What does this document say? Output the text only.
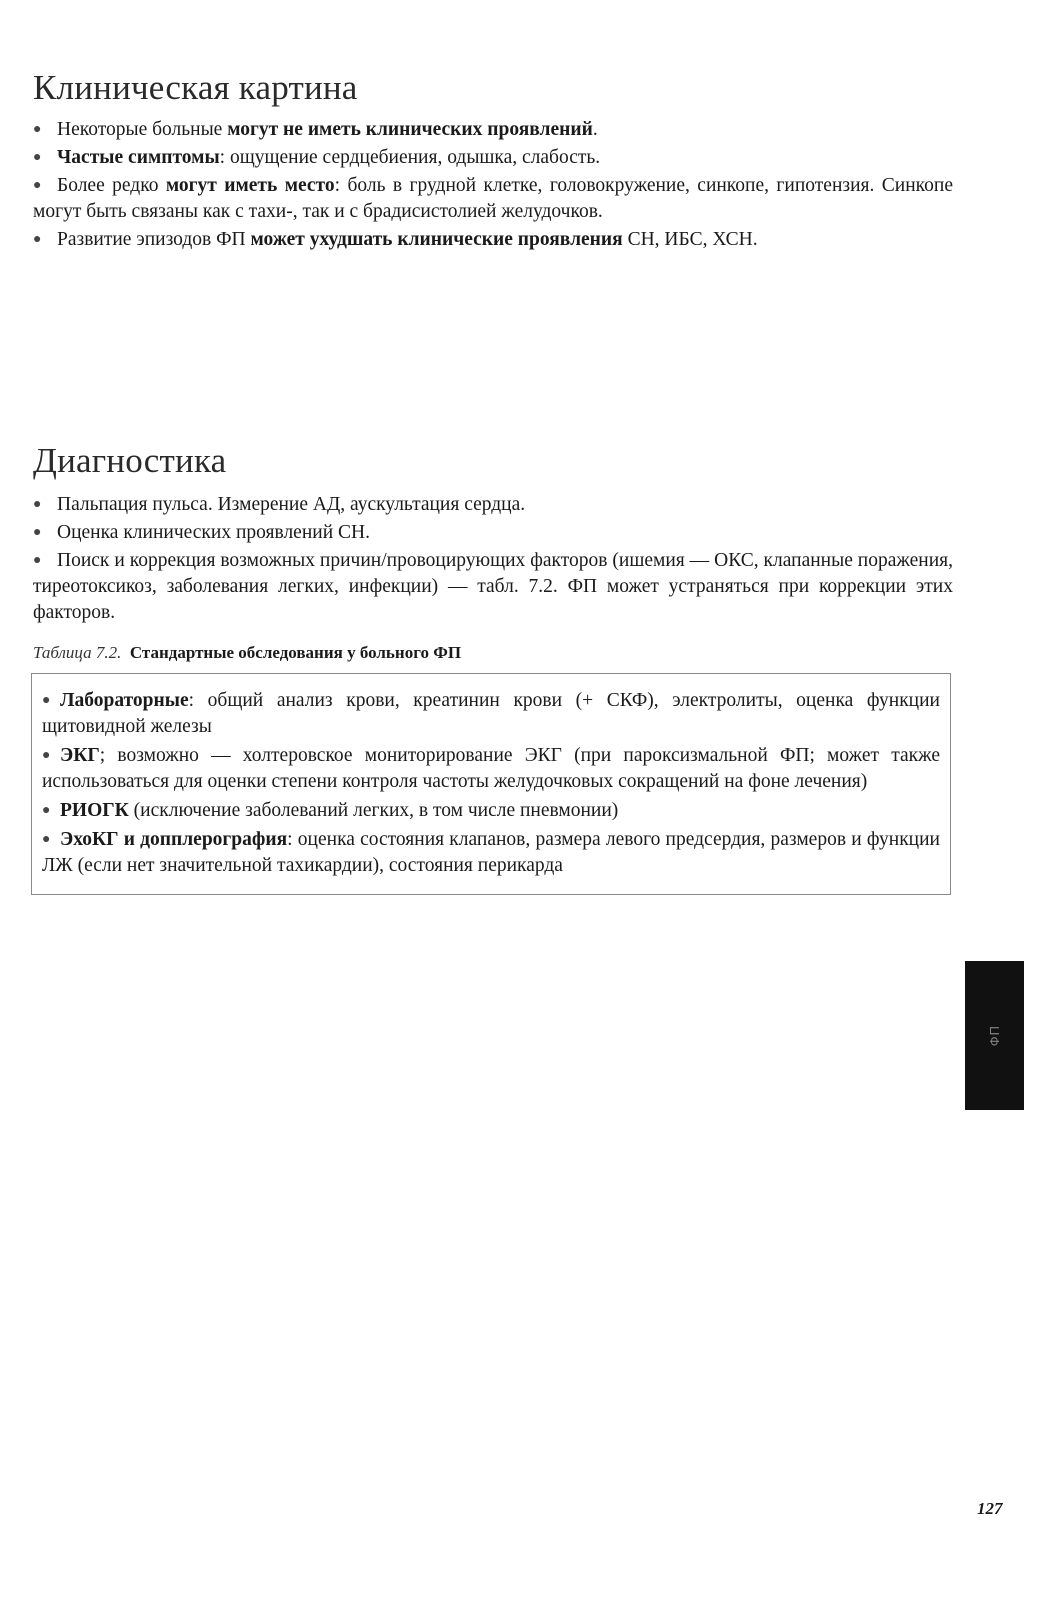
Клиническая картина
● Некоторые больные могут не иметь клинических проявлений.
● Частые симптомы: ощущение сердцебиения, одышка, слабость.
● Более редко могут иметь место: боль в грудной клетке, головокружение, синкопе, гипотензия. Синкопе могут быть связаны как с тахи-, так и с брадисистолией желудочков.
● Развитие эпизодов ФП может ухудшать клинические проявления СН, ИБС, ХСН.
Диагностика
● Пальпация пульса. Измерение АД, аускультация сердца.
● Оценка клинических проявлений СН.
● Поиск и коррекция возможных причин/провоцирующих факторов (ишемия — ОКС, клапанные поражения, тиреотоксикоз, заболевания легких, инфекции) — табл. 7.2. ФП может устраняться при коррекции этих факторов.
Таблица 7.2. Стандартные обследования у больного ФП
● Лабораторные: общий анализ крови, креатинин крови (+ СКФ), электролиты, оценка функции щитовидной железы
● ЭКГ; возможно — холтеровское мониторирование ЭКГ (при пароксизмальной ФП; может также использоваться для оценки степени контроля частоты желудочковых сокращений на фоне лечения)
● РИОГК (исключение заболеваний легких, в том числе пневмонии)
● ЭхоКГ и допплерография: оценка состояния клапанов, размера левого предсердия, размеров и функции ЛЖ (если нет значительной тахикардии), состояния перикарда
ФП
127
